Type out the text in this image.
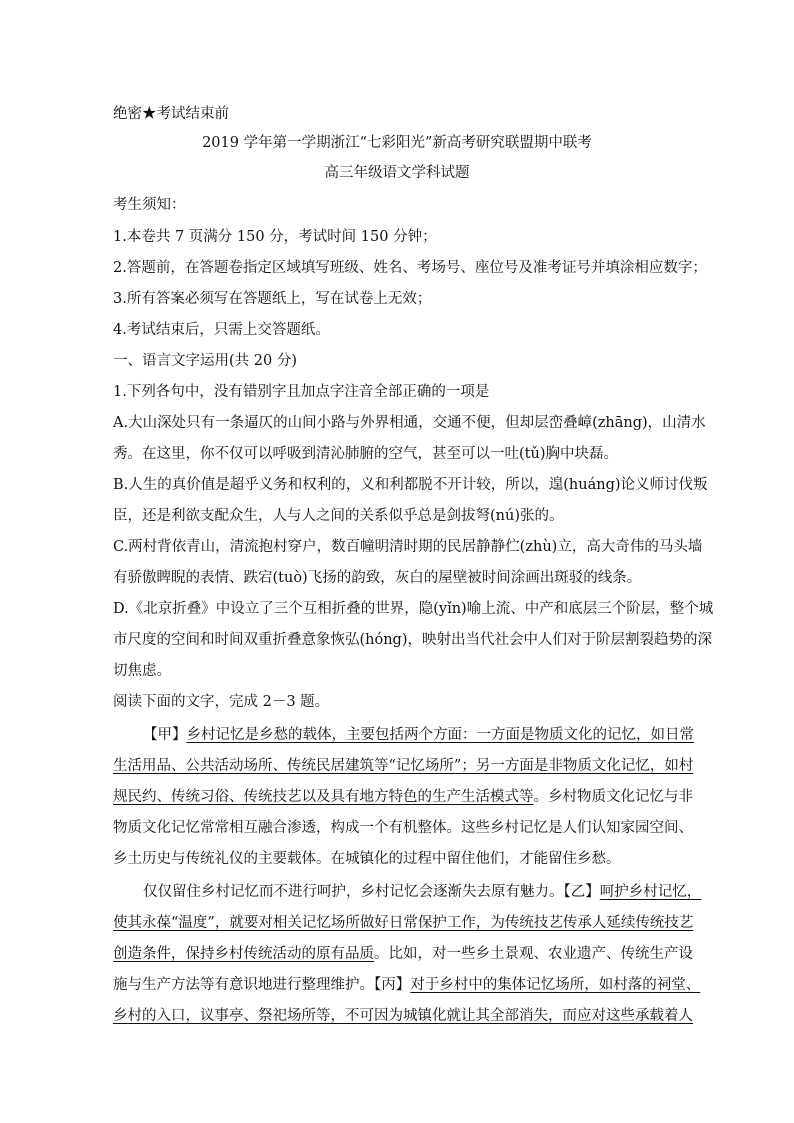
绝密★考试结束前
2019 学年第一学期浙江“七彩阳光”新高考研究联盟期中联考
高三年级语文学科试题
考生须知：
1.本卷共 7 页满分 150 分，考试时间 150 分钟；
2.答题前，在答题卷指定区域填写班级、姓名、考场号、座位号及准考证号并填涂相应数字；
3.所有答案必须写在答题纸上，写在试卷上无效；
4.考试结束后，只需上交答题纸。
一、语言文字运用(共 20 分)
1.下列各句中，没有错别字且加点字注音全部正确的一项是
A.大山深处只有一条逼仄的山间小路与外界相通，交通不便，但却层峦叠嶂(zhāng)，山清水
秀。在这里，你不仅可以呼吸到清沁肺腑的空气，甚至可以一吐(tǔ)胸中块磊。
B.人生的真价值是超乎义务和权利的，义和利都脱不开计较，所以，遑(huáng)论义师讨伐叛
臣，还是利欲支配众生，人与人之间的关系似乎总是剑拔弩(nú)张的。
C.两村背依青山，清流抱村穿户，数百幢明清时期的民居静静伫(zhù)立，高大奇伟的马头墙
有骄傲睥睨的表情、跌宕(tuò)飞扬的韵致，灰白的屋壁被时间涂画出斑驳的线条。
D.《北京折叠》中设立了三个互相折叠的世界，隐(yǐn)喻上流、中产和底层三个阶层，整个城
市尺度的空间和时间双重折叠意象恢弘(hóng)，映射出当代社会中人们对于阶层割裂趋势的深
切焦虑。
阅读下面的文字，完成 2－3 题。
【甲】乡村记忆是乡愁的载体，主要包括两个方面：一方面是物质文化的记忆，如日常
生活用品、公共活动场所、传统民居建筑等“记忆场所”；另一方面是非物质文化记忆，如村
规民约、传统习俗、传统技艺以及具有地方特色的生产生活模式等。乡村物质文化记忆与非
物质文化记忆常常相互融合渗透，构成一个有机整体。这些乡村记忆是人们认知家园空间、
乡土历史与传统礼仪的主要载体。在城镇化的过程中留住他们，才能留住乡愁。
仅仅留住乡村记忆而不进行呵护，乡村记忆会逐渐失去原有魅力。【乙】呵护乡村记忆，
使其永葆“温度”，就要对相关记忆场所做好日常保护工作，为传统技艺传承人延续传统技艺
创造条件，保持乡村传统活动的原有品质。比如，对一些乡土景观、农业遗产、传统生产设
施与生产方法等有意识地进行整理维护。【丙】对于乡村中的集体记忆场所，如村落的祠堂、
乡村的入口，议事亭、祭祀场所等，不可因为城镇化就让其全部消失，而应对这些承载着人
